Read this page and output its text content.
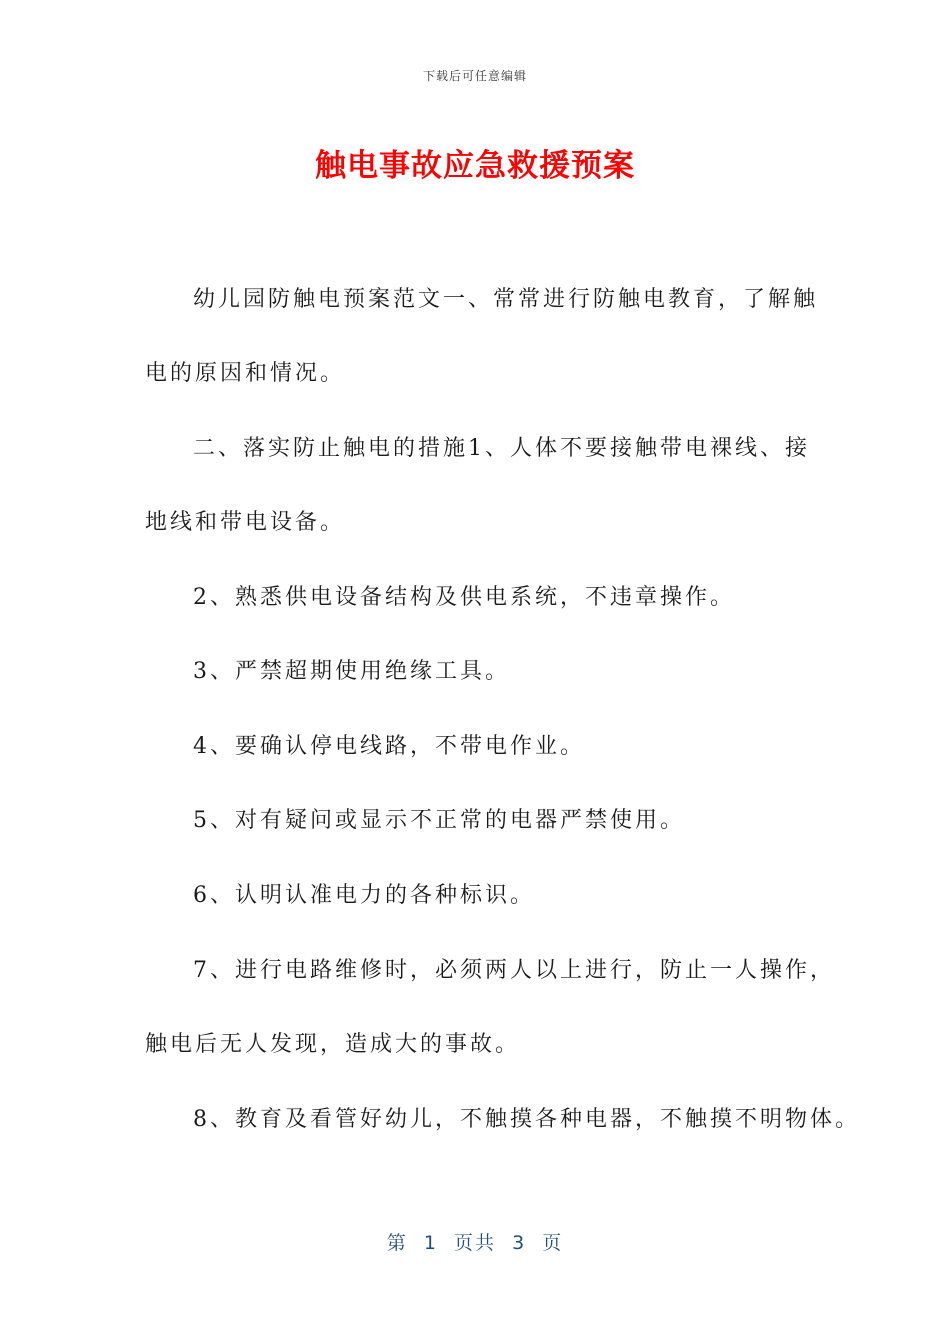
下载后可任意编辑
触电事故应急救援预案
幼儿园防触电预案范文一、常常进行防触电教育，了解触
电的原因和情况。
二、落实防止触电的措施1、人体不要接触带电裸线、接
地线和带电设备。
2、熟悉供电设备结构及供电系统，不违章操作。
3、严禁超期使用绝缘工具。
4、要确认停电线路，不带电作业。
5、对有疑问或显示不正常的电器严禁使用。
6、认明认准电力的各种标识。
7、进行电路维修时，必须两人以上进行，防止一人操作，
触电后无人发现，造成大的事故。
8、教育及看管好幼儿，不触摸各种电器，不触摸不明物体。
第  1  页共  3  页
